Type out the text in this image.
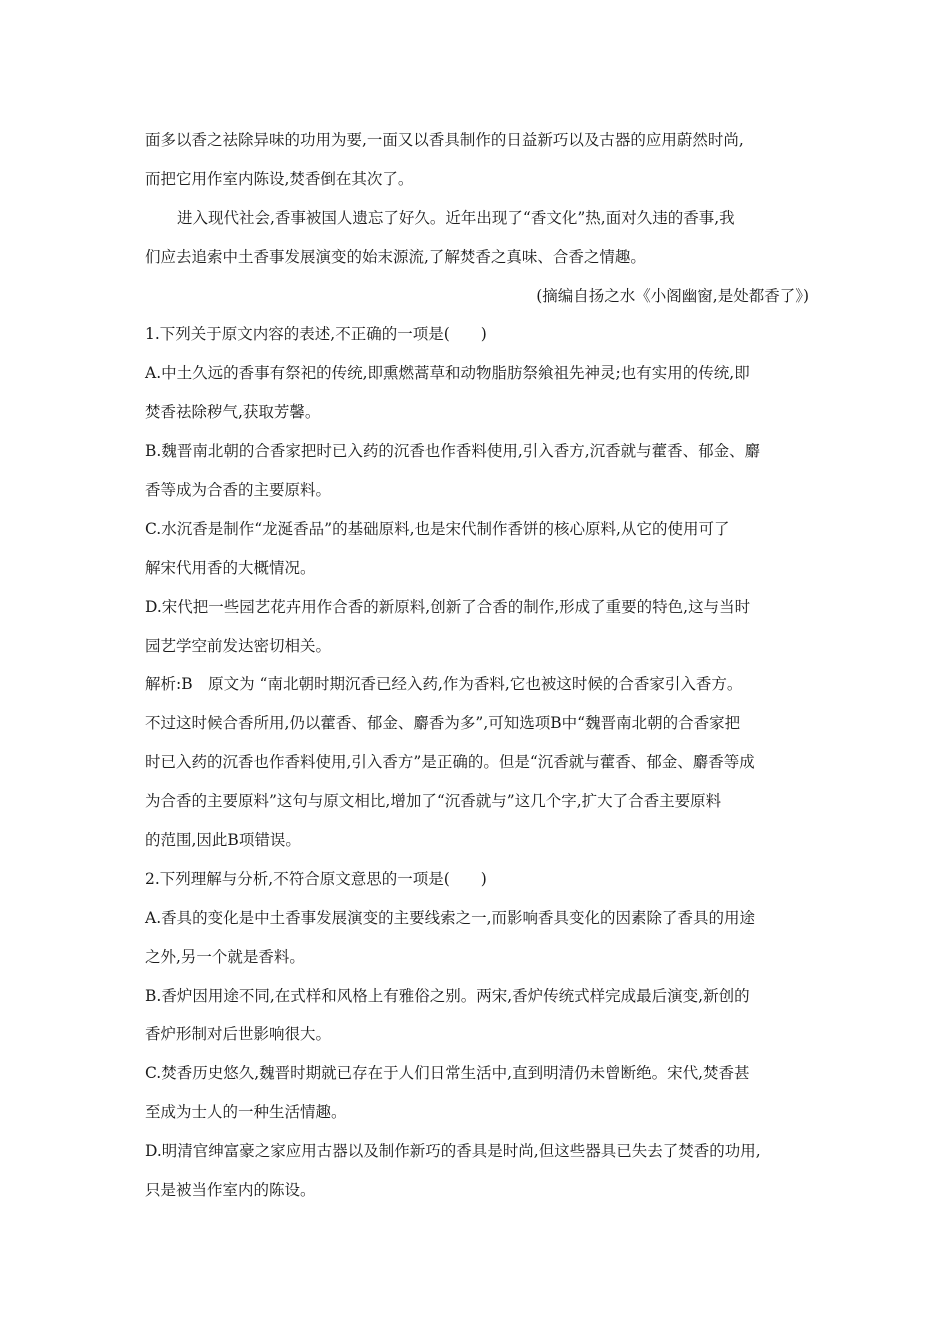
面多以香之祛除异味的功用为要,一面又以香具制作的日益新巧以及古器的应用蔚然时尚,
而把它用作室内陈设,焚香倒在其次了。
进入现代社会,香事被国人遗忘了好久。近年出现了“香文化”热,面对久违的香事,我
们应去追索中土香事发展演变的始末源流,了解焚香之真味、合香之情趣。
(摘编自扬之水《小阁幽窗,是处都香了》)
1.下列关于原文内容的表述,不正确的一项是(　　)
A.中土久远的香事有祭祀的传统,即熏燃蒿草和动物脂肪祭飨祖先神灵;也有实用的传统,即
焚香祛除秽气,获取芳馨。
B.魏晋南北朝的合香家把时已入药的沉香也作香料使用,引入香方,沉香就与藿香、郁金、麝
香等成为合香的主要原料。
C.水沉香是制作“龙涎香品”的基础原料,也是宋代制作香饼的核心原料,从它的使用可了
解宋代用香的大概情况。
D.宋代把一些园艺花卉用作合香的新原料,创新了合香的制作,形成了重要的特色,这与当时
园艺学空前发达密切相关。
解析:B　原文为 “南北朝时期沉香已经入药,作为香料,它也被这时候的合香家引入香方。
不过这时候合香所用,仍以藿香、郁金、麝香为多”,可知选项B中“魏晋南北朝的合香家把
时已入药的沉香也作香料使用,引入香方”是正确的。但是“沉香就与藿香、郁金、麝香等成
为合香的主要原料”这句与原文相比,增加了“沉香就与”这几个字,扩大了合香主要原料
的范围,因此B项错误。
2.下列理解与分析,不符合原文意思的一项是(　　)
A.香具的变化是中土香事发展演变的主要线索之一,而影响香具变化的因素除了香具的用途
之外,另一个就是香料。
B.香炉因用途不同,在式样和风格上有雅俗之别。两宋,香炉传统式样完成最后演变,新创的
香炉形制对后世影响很大。
C.焚香历史悠久,魏晋时期就已存在于人们日常生活中,直到明清仍未曾断绝。宋代,焚香甚
至成为士人的一种生活情趣。
D.明清官绅富豪之家应用古器以及制作新巧的香具是时尚,但这些器具已失去了焚香的功用,
只是被当作室内的陈设。
